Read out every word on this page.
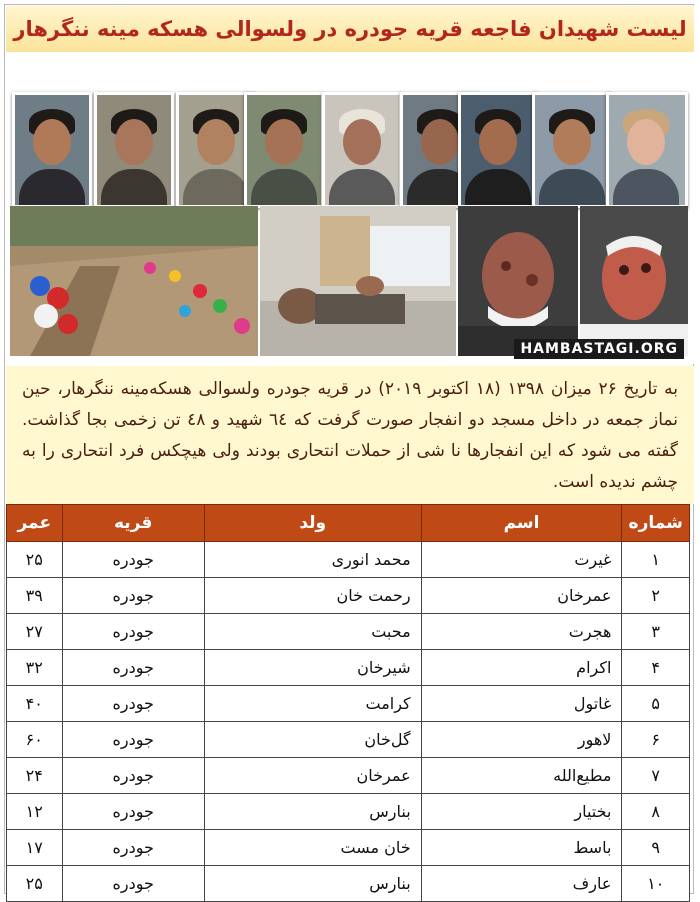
لیست شهیدان فاجعه قریه جودره در ولسوالی هسکه مینه ننگرهار
HAMBASTAGI.ORG
به تاریخ ۲۶ میزان ۱۳۹۸ (۱۸ اکتوبر ۲۰۱۹) در قریه جودره ولسوالی هسکه‌مینه ننگرهار، حین نماز جمعه در داخل مسجد دو انفجار صورت گرفت که ٦٤ شهید و ٤٨ تن زخمی بجا گذاشت. گفته می شود که این انفجارها نا شی از حملات انتحاری بودند ولی هیچکس فرد انتحاری را به چشم ندیده است.
شماره	اسم	ولد	قریه	عمر
۱	غیرت	محمد انوری	جودره	۲۵
۲	عمرخان	رحمت خان	جودره	۳۹
۳	هجرت	محبت	جودره	۲۷
۴	اکرام	شیرخان	جودره	۳۲
۵	غاتول	کرامت	جودره	۴۰
۶	لاهور	گل‌خان	جودره	۶۰
۷	مطیع‌الله	عمرخان	جودره	۲۴
۸	بختیار	بنارس	جودره	۱۲
۹	باسط	خان مست	جودره	۱۷
۱۰	عارف	بنارس	جودره	۲۵
